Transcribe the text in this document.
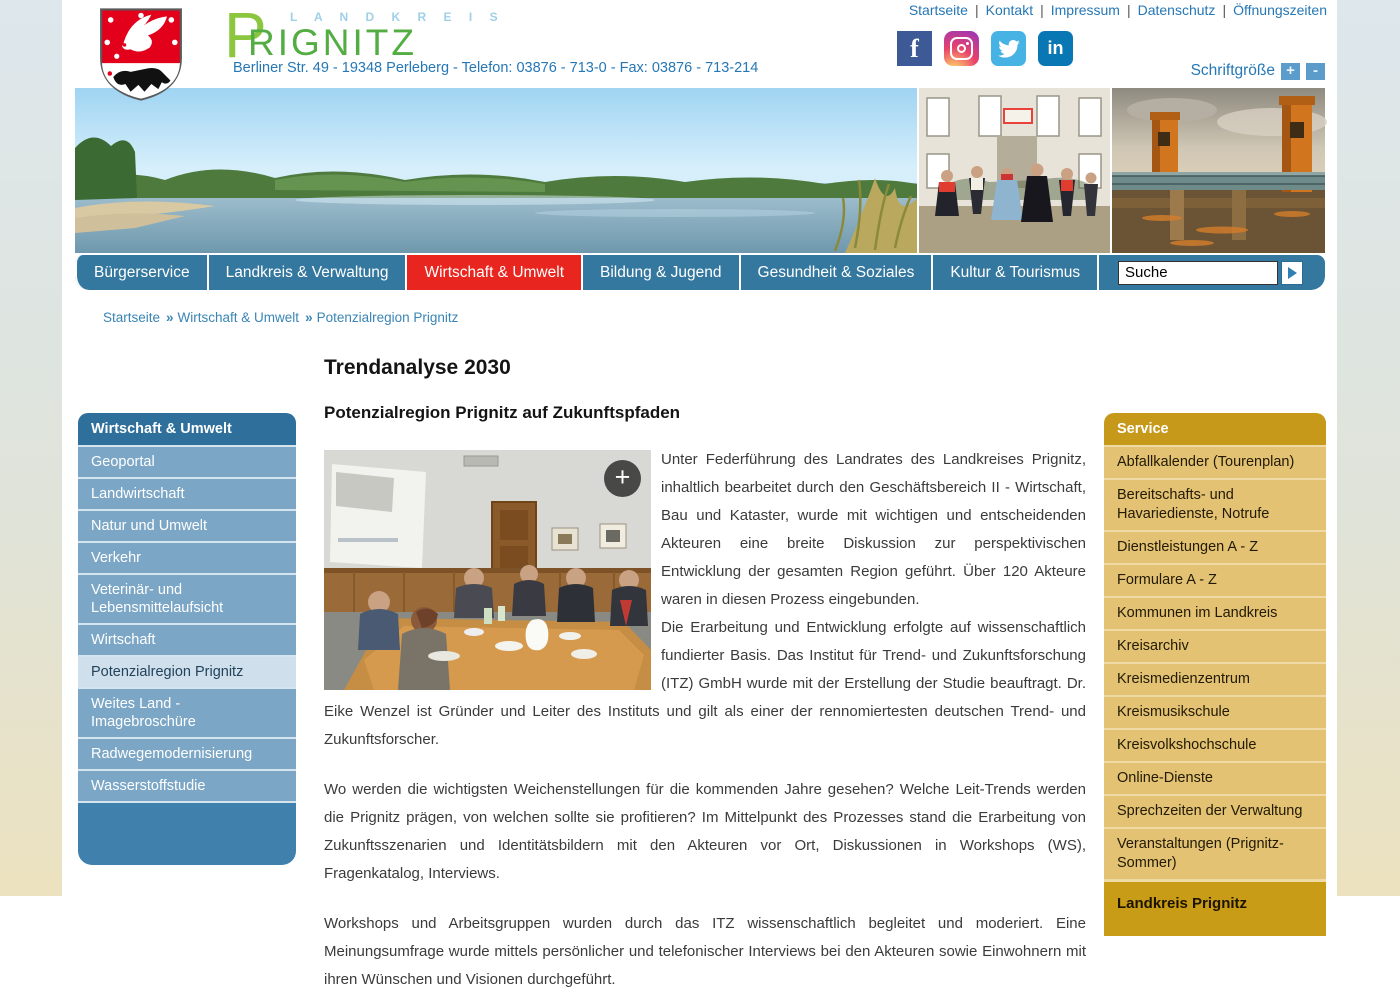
P L A N D K R E I S
RIGNITZ
Berliner Str. 49 - 19348 Perleberg - Telefon: 03876 - 713-0 - Fax: 03876 - 713-214
Startseite | Kontakt | Impressum | Datenschutz | Öffnungszeiten
f	in
Schriftgröße +	-
Bürgerservice	Landkreis & Verwaltung	Wirtschaft & Umwelt	Bildung & Jugend	Gesundheit & Soziales	Kultur & Tourismus
Suche
Startseite » Wirtschaft & Umwelt » Potenzialregion Prignitz
Trendanalyse 2030
Potenzialregion Prignitz auf Zukunftspfaden
+

Unter Federführung des Landrates des Landkreises Prignitz, inhaltlich bearbeitet durch den Geschäftsbereich II - Wirtschaft, Bau und Kataster, wurde mit wichtigen und entscheidenden Akteuren eine breite Diskussion zur perspektivischen Entwicklung der gesamten Region geführt. Über 120 Akteure waren in diesen Prozess eingebunden.
Die Erarbeitung und Entwicklung erfolgte auf wissenschaftlich fundierter Basis. Das Institut für Trend- und Zukunftsforschung (ITZ) GmbH wurde mit der Erstellung der Studie beauftragt. Dr. Eike Wenzel ist Gründer und Leiter des Instituts und gilt als einer der rennomiertesten deutschen Trend- und Zukunftsforscher.

Wo werden die wichtigsten Weichenstellungen für die kommenden Jahre gesehen? Welche Leit-Trends werden die Prignitz prägen, von welchen sollte sie profitieren? Im Mittelpunkt des Prozesses stand die Erarbeitung von Zukunftsszenarien und Identitätsbildern mit den Akteuren vor Ort, Diskussionen in Workshops (WS), Fragenkatalog, Interviews.

Workshops und Arbeitsgruppen wurden durch das ITZ wissenschaftlich begleitet und moderiert. Eine Meinungsumfrage wurde mittels persönlicher und telefonischer Interviews bei den Akteuren sowie Einwohnern mit ihren Wünschen und Visionen durchgeführt.

Wirtschaft & Umwelt
Geoportal
Landwirtschaft
Natur und Umwelt
Verkehr
Veterinär- und Lebensmittelaufsicht
Wirtschaft
Potenzialregion Prignitz
Weites Land - Imagebroschüre
Radwegemodernisierung
Wasserstoffstudie
Service
Abfallkalender (Tourenplan)
Bereitschafts- und Havariedienste, Notrufe
Dienstleistungen A - Z
Formulare A - Z
Kommunen im Landkreis
Kreisarchiv
Kreismedienzentrum
Kreismusikschule
Kreisvolkshochschule
Online-Dienste
Sprechzeiten der Verwaltung
Veranstaltungen (Prignitz-Sommer)
Landkreis Prignitz
